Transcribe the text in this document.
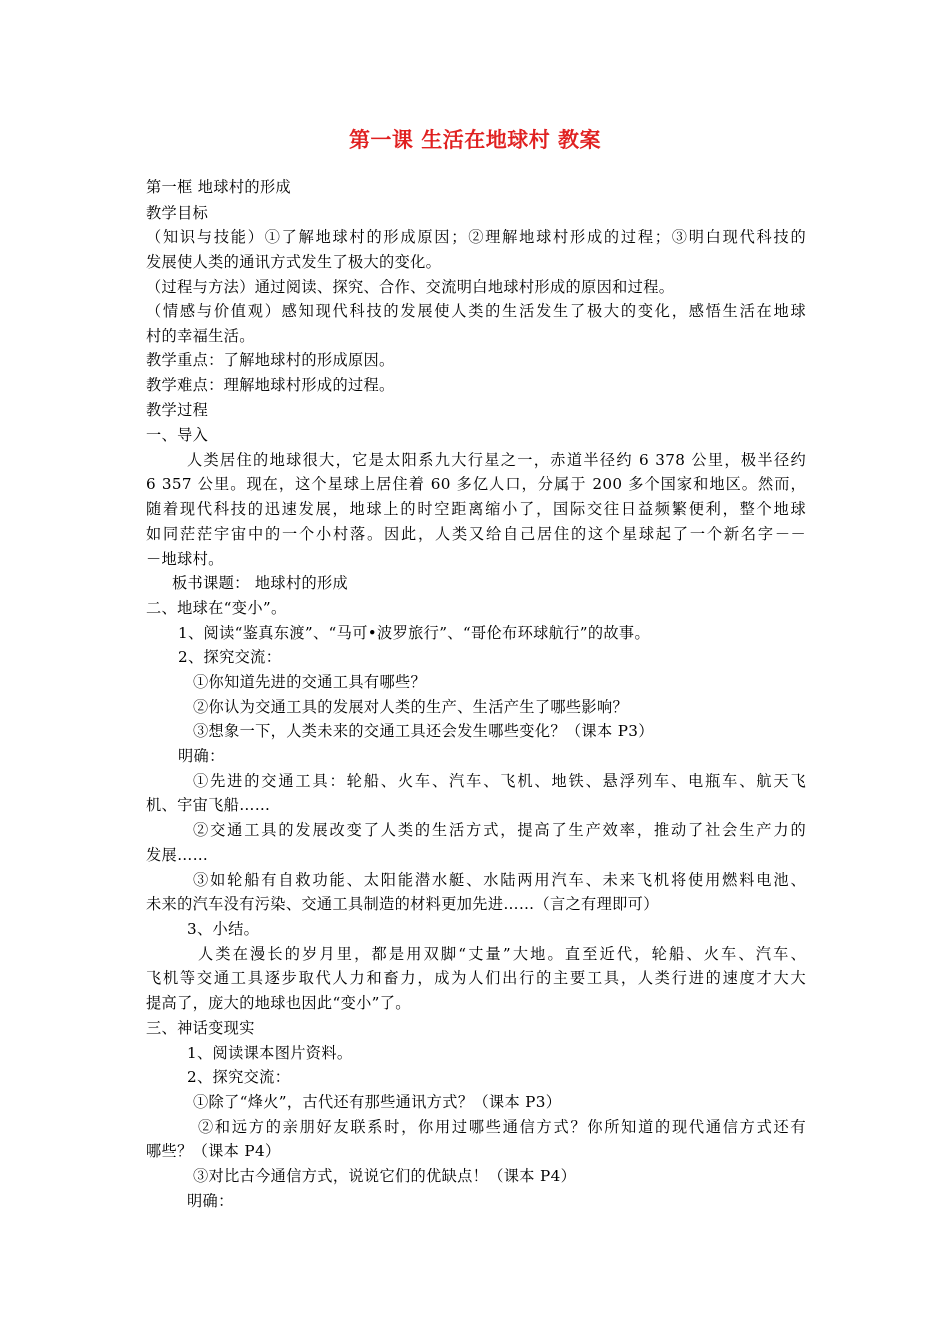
第一课 生活在地球村 教案
第一框 地球村的形成
教学目标
（知识与技能）①了解地球村的形成原因；②理解地球村形成的过程；③明白现代科技的
发展使人类的通讯方式发生了极大的变化。
（过程与方法）通过阅读、探究、合作、交流明白地球村形成的原因和过程。
（情感与价值观）感知现代科技的发展使人类的生活发生了极大的变化，感悟生活在地球
村的幸福生活。
教学重点：了解地球村的形成原因。
教学难点：理解地球村形成的过程。
教学过程
一、导入
人类居住的地球很大，它是太阳系九大行星之一，赤道半径约 6 378 公里，极半径约
6 357 公里。现在，这个星球上居住着 60 多亿人口，分属于 200 多个国家和地区。然而，
随着现代科技的迅速发展，地球上的时空距离缩小了，国际交往日益频繁便利，整个地球
如同茫茫宇宙中的一个小村落。因此，人类又给自己居住的这个星球起了一个新名字－－
－地球村。
板书课题： 地球村的形成
二、地球在“变小”。
1、阅读“鉴真东渡”、“马可•波罗旅行”、“哥伦布环球航行”的故事。
2、探究交流：
①你知道先进的交通工具有哪些？
②你认为交通工具的发展对人类的生产、生活产生了哪些影响？
③想象一下，人类未来的交通工具还会发生哪些变化？（课本 P3）
明确：
①先进的交通工具：轮船、火车、汽车、飞机、地铁、悬浮列车、电瓶车、航天飞
机、宇宙飞船……
②交通工具的发展改变了人类的生活方式，提高了生产效率，推动了社会生产力的
发展……
③如轮船有自救功能、太阳能潜水艇、水陆两用汽车、未来飞机将使用燃料电池、
未来的汽车没有污染、交通工具制造的材料更加先进……（言之有理即可）
3、小结。
人类在漫长的岁月里，都是用双脚“丈量”大地。直至近代，轮船、火车、汽车、
飞机等交通工具逐步取代人力和畜力，成为人们出行的主要工具，人类行进的速度才大大
提高了，庞大的地球也因此“变小”了。
三、神话变现实
1、阅读课本图片资料。
2、探究交流：
①除了“烽火”，古代还有那些通讯方式？（课本 P3）
②和远方的亲朋好友联系时，你用过哪些通信方式？你所知道的现代通信方式还有
哪些？（课本 P4）
③对比古今通信方式，说说它们的优缺点！（课本 P4）
明确：
